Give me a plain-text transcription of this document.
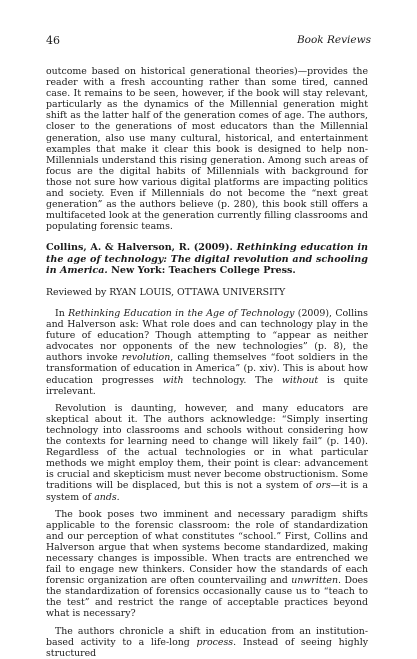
46	Book Reviews

outcome based on historical generational theories)—provides the reader with a fresh accounting rather than some tired, canned case. It remains to be seen, however, if the book will stay relevant, particularly as the dynamics of the Millennial generation might shift as the latter half of the generation comes of age. The authors, closer to the generations of most educators than the Millennial generation, also use many cultural, historical, and entertainment examples that make it clear this book is designed to help non-Millennials understand this rising generation. Among such areas of focus are the digital habits of Millennials with background for those not sure how various digital platforms are impacting politics and society. Even if Millennials do not become the “next great generation” as the authors believe (p. 280), this book still offers a multifaceted look at the generation currently filling classrooms and populating forensic teams.

Collins, A. & Halverson, R. (2009). Rethinking education in the age of technology: The digital revolution and schooling in America. New York: Teachers College Press.

Reviewed by RYAN LOUIS, OTTAWA UNIVERSITY

In Rethinking Education in the Age of Technology (2009), Collins and Halverson ask: What role does and can technology play in the future of education? Though attempting to “appear as neither advocates nor opponents of the new technologies” (p. 8), the authors invoke revolution, calling themselves “foot soldiers in the transformation of education in America” (p. xiv). This is about how education progresses with technology. The without is quite irrelevant.

Revolution is daunting, however, and many educators are skeptical about it. The authors acknowledge: “Simply inserting technology into classrooms and schools without considering how the contexts for learning need to change will likely fail” (p. 140). Regardless of the actual technologies or in what particular methods we might employ them, their point is clear: advancement is crucial and skepticism must never become obstructionism. Some traditions will be displaced, but this is not a system of ors—it is a system of ands.

The book poses two imminent and necessary paradigm shifts applicable to the forensic classroom: the role of standardization and our perception of what constitutes “school.” First, Collins and Halverson argue that when systems become standardized, making necessary changes is impossible. When tracts are entrenched we fail to engage new thinkers. Consider how the standards of each forensic organization are often countervailing and unwritten. Does the standardization of forensics occasionally cause us to “teach to the test” and restrict the range of acceptable practices beyond what is necessary?

The authors chronicle a shift in education from an institution-based activity to a life-long process. Instead of seeing highly structured
